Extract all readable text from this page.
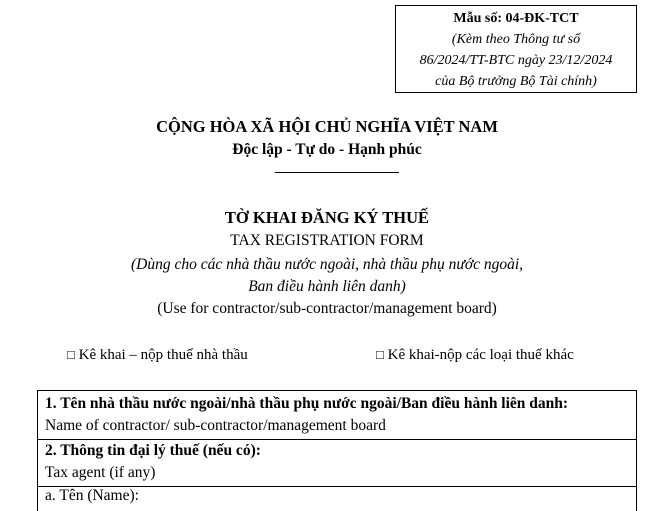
Mẫu số: 04-ĐK-TCT
(Kèm theo Thông tư số
86/2024/TT-BTC ngày 23/12/2024
của Bộ trưởng Bộ Tài chính)
CỘNG HÒA XÃ HỘI CHỦ NGHĨA VIỆT NAM
Độc lập - Tự do - Hạnh phúc
TỜ KHAI ĐĂNG KÝ THUẾ
TAX REGISTRATION FORM
(Dùng cho các nhà thầu nước ngoài, nhà thầu phụ nước ngoài,
Ban điều hành liên danh)
(Use for contractor/sub-contractor/management board)
□ Kê khai – nộp thuế nhà thầu	□ Kê khai-nộp các loại thuế khác
1. Tên nhà thầu nước ngoài/nhà thầu phụ nước ngoài/Ban điều hành liên danh:
Name of contractor/ sub-contractor/management board
2. Thông tin đại lý thuế (nếu có):
Tax agent (if any)
a. Tên (Name):
